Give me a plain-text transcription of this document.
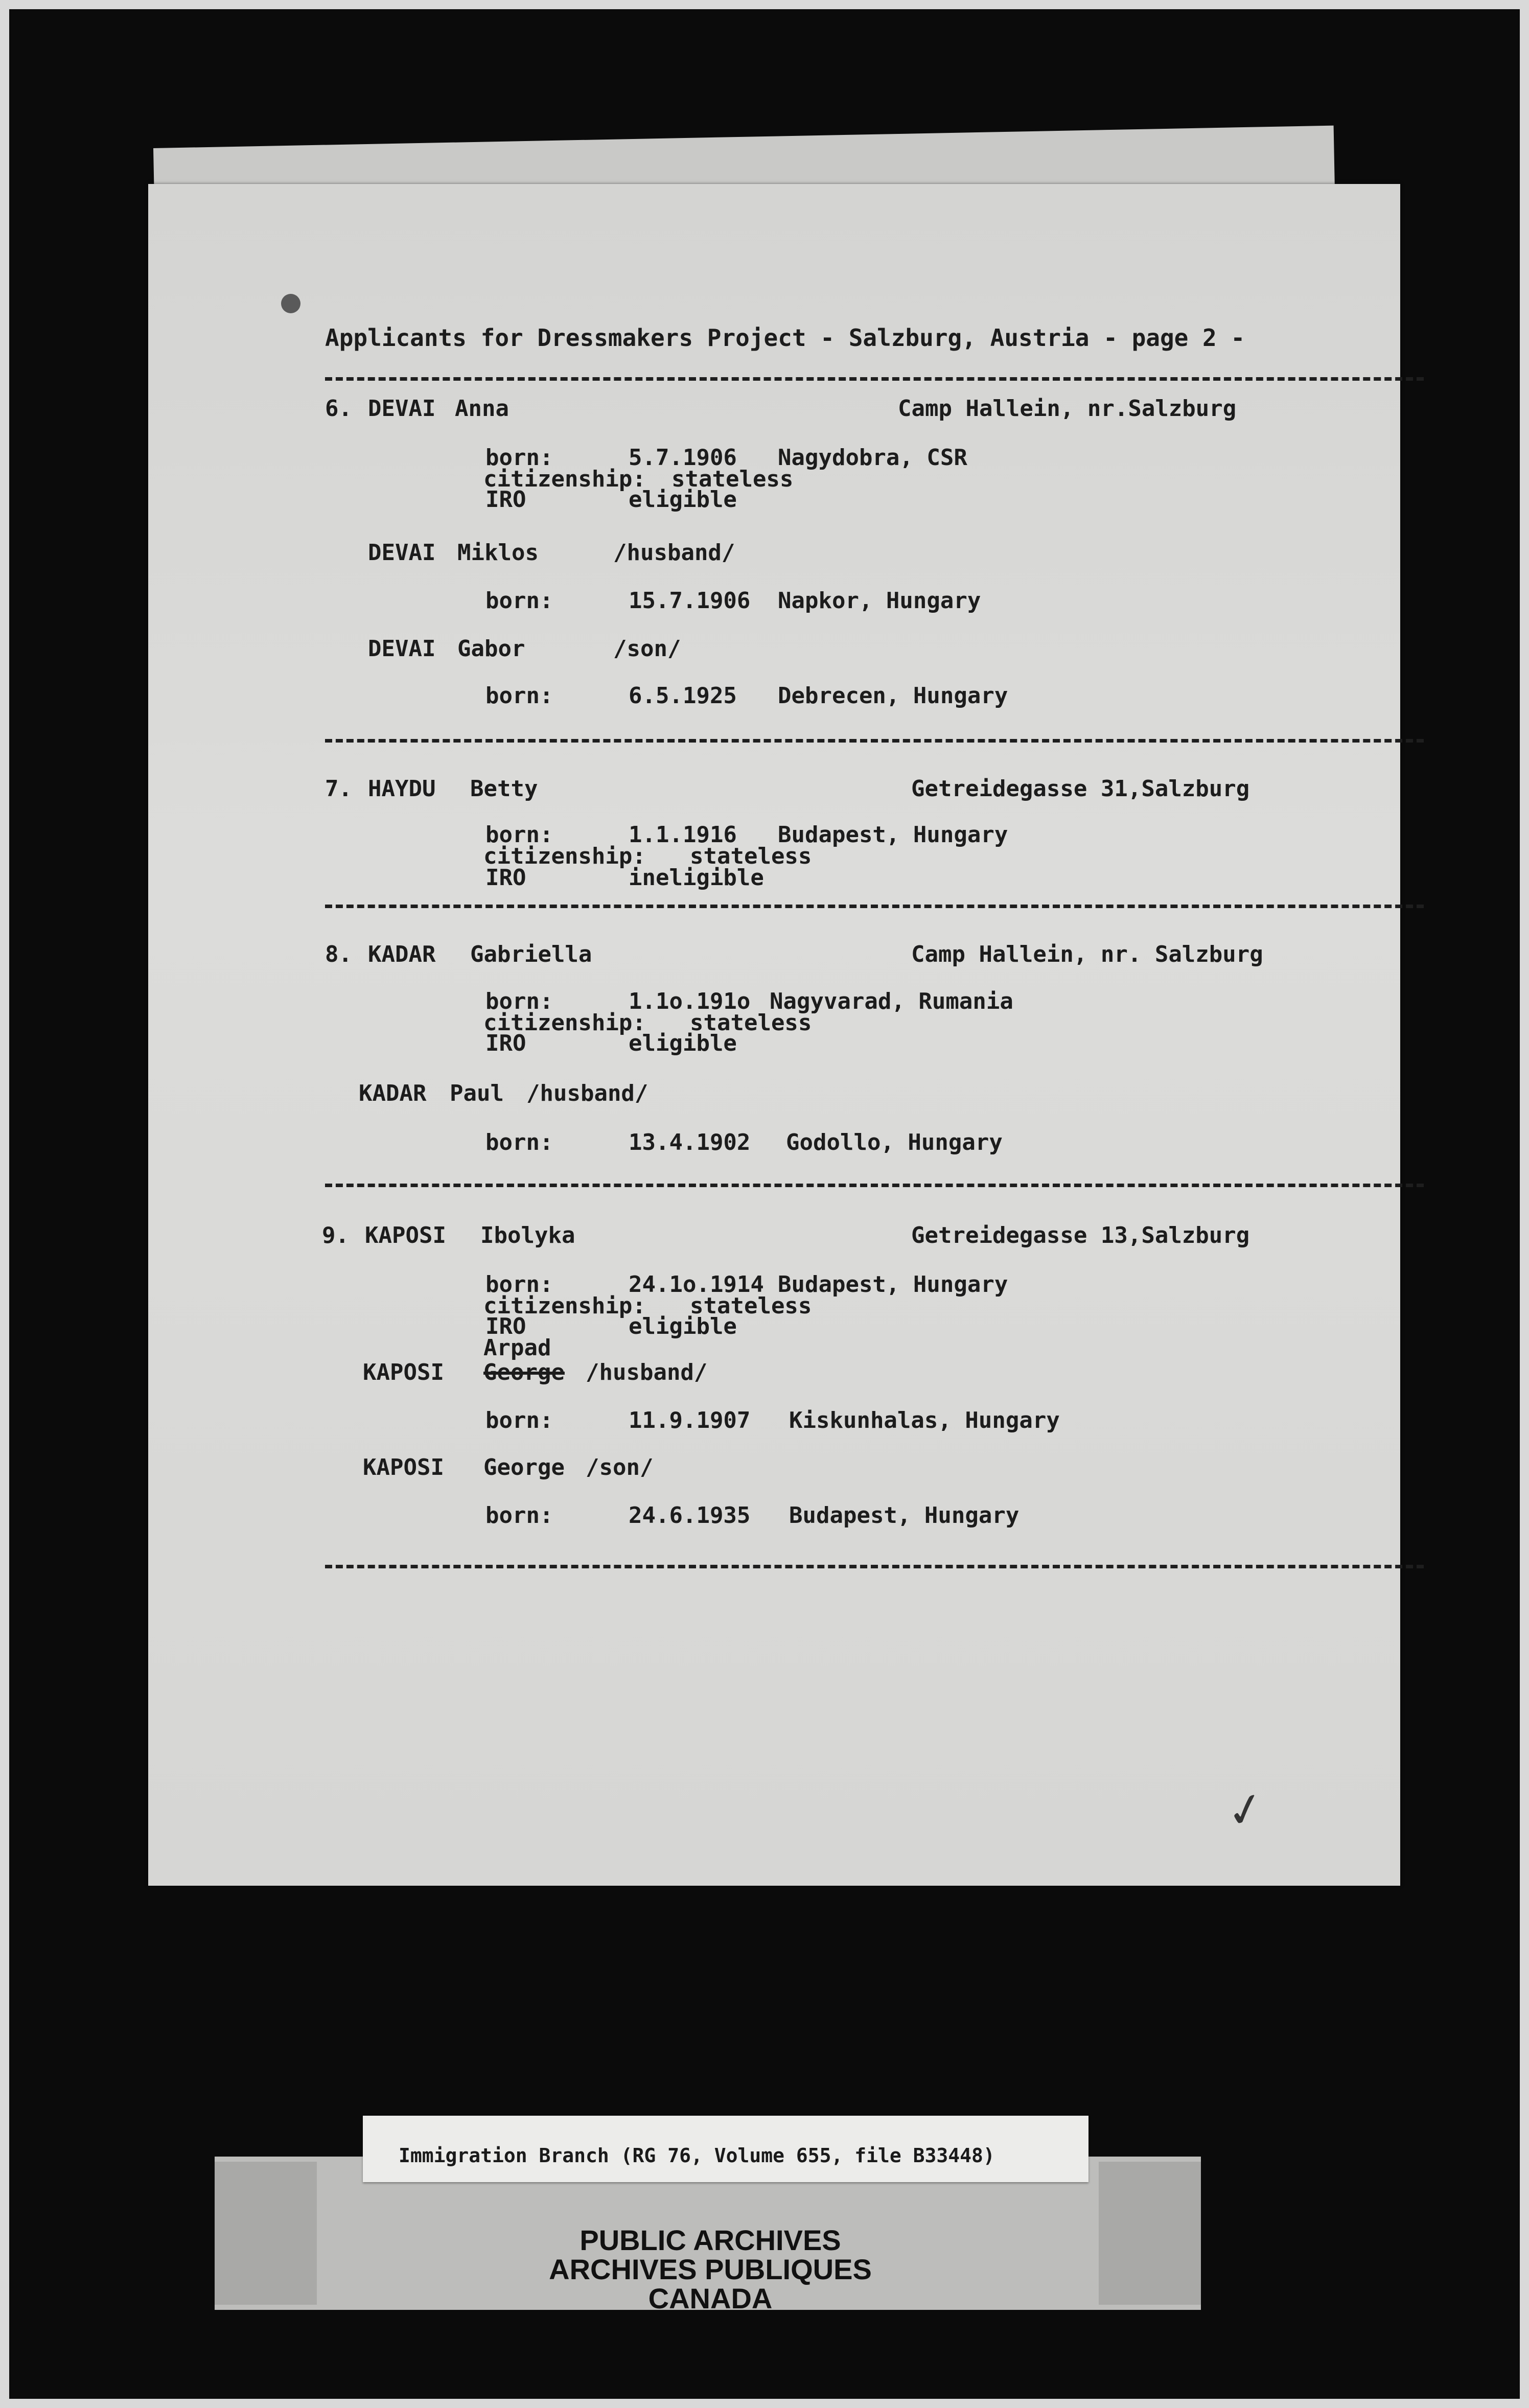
Applicants for Dressmakers Project - Salzburg, Austria - page 2 -
6. DEVAI Anna	Camp Hallein, nr.Salzburg
born:	5.7.1906 Nagydobra, CSR
citizenship: stateless
IRO	eligible
DEVAI Miklos	/husband/
born:	15.7.1906 Napkor, Hungary
DEVAI Gabor	/son/
born:	6.5.1925 Debrecen, Hungary
7. HAYDU Betty	Getreidegasse 31,Salzburg
born:	1.1.1916 Budapest, Hungary
citizenship: stateless
IRO	ineligible
8. KADAR Gabriella	Camp Hallein, nr. Salzburg
born:	1.1o.191o Nagyvarad, Rumania
citizenship: stateless
IRO	eligible
KADAR Paul /husband/
born:	13.4.1902 Godollo, Hungary
9. KAPOSI Ibolyka	Getreidegasse 13,Salzburg
born:	24.1o.1914 Budapest, Hungary
citizenship: stateless
IRO	eligible
Arpad
KAPOSI George /husband/
born:	11.9.1907 Kiskunhalas, Hungary
KAPOSI George /son/
born:	24.6.1935 Budapest, Hungary
✓
Immigration Branch (RG 76, Volume 655, file B33448)
PUBLIC ARCHIVES
ARCHIVES PUBLIQUES
CANADA
